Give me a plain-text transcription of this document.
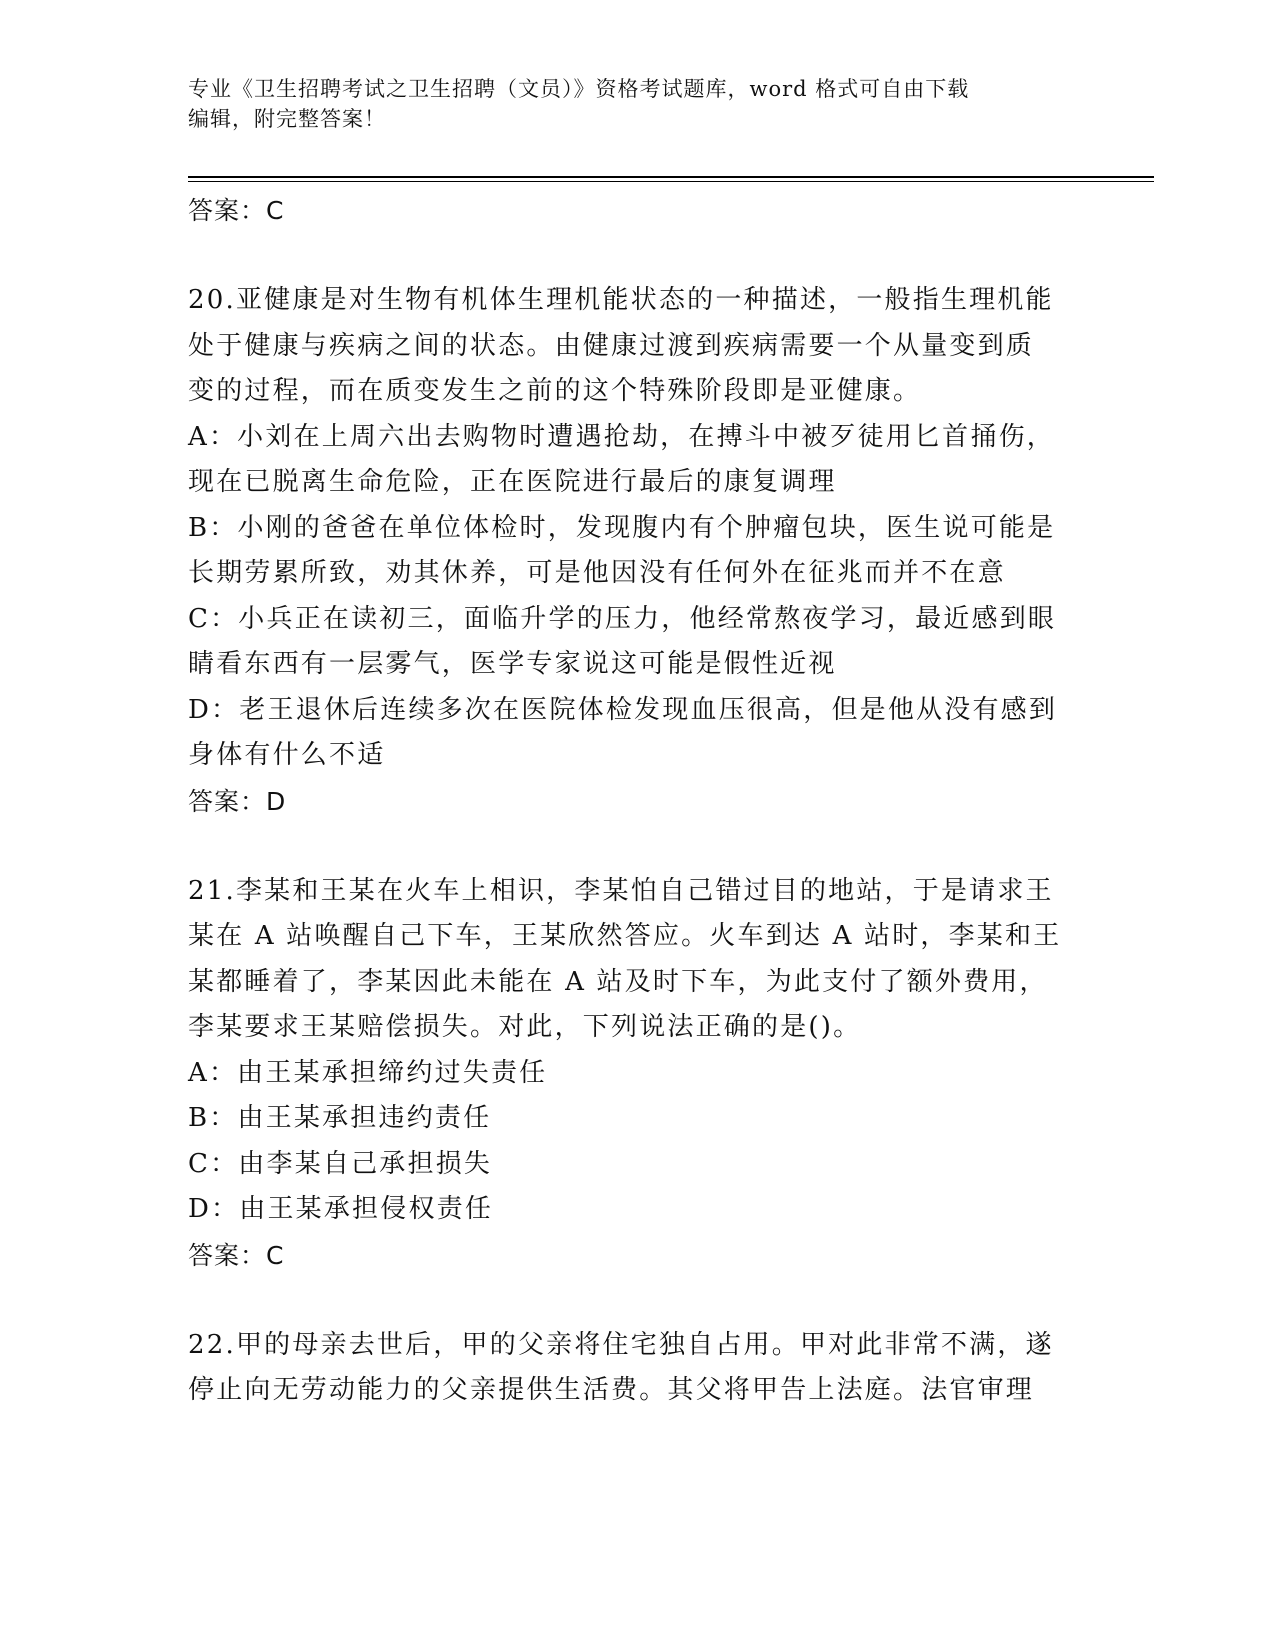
专业《卫生招聘考试之卫生招聘（文员）》资格考试题库，word 格式可自由下载
编辑，附完整答案！
答案：C

20.亚健康是对生物有机体生理机能状态的一种描述，一般指生理机能
处于健康与疾病之间的状态。由健康过渡到疾病需要一个从量变到质
变的过程，而在质变发生之前的这个特殊阶段即是亚健康。

A：小刘在上周六出去购物时遭遇抢劫，在搏斗中被歹徒用匕首捅伤，
现在已脱离生命危险，正在医院进行最后的康复调理

B：小刚的爸爸在单位体检时，发现腹内有个肿瘤包块，医生说可能是
长期劳累所致，劝其休养，可是他因没有任何外在征兆而并不在意

C：小兵正在读初三，面临升学的压力，他经常熬夜学习，最近感到眼
睛看东西有一层雾气，医学专家说这可能是假性近视

D：老王退休后连续多次在医院体检发现血压很高，但是他从没有感到
身体有什么不适

答案：D

21.李某和王某在火车上相识，李某怕自己错过目的地站，于是请求王
某在 A 站唤醒自己下车，王某欣然答应。火车到达 A 站时，李某和王
某都睡着了，李某因此未能在 A 站及时下车，为此支付了额外费用，
李某要求王某赔偿损失。对此，下列说法正确的是()。

A：由王某承担缔约过失责任

B：由王某承担违约责任

C：由李某自己承担损失

D：由王某承担侵权责任

答案：C

22.甲的母亲去世后，甲的父亲将住宅独自占用。甲对此非常不满，遂
停止向无劳动能力的父亲提供生活费。其父将甲告上法庭。法官审理
